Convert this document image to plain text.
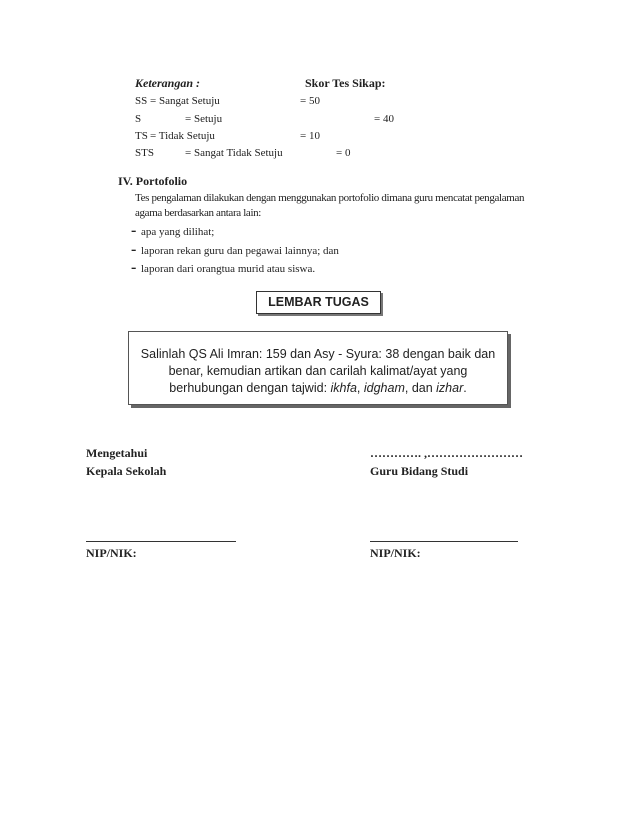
Keterangan :	Skor Tes Sikap:
SS = Sangat Setuju	= 50
S	= Setuju	= 40
TS = Tidak Setuju	= 10
STS	= Sangat Tidak Setuju	= 0
IV. Portofolio
Tes pengalaman dilakukan dengan menggunakan portofolio dimana guru mencatat pengalaman
agama berdasarkan antara lain:
- apa yang dilihat;
- laporan rekan guru dan pegawai lainnya; dan
- laporan dari orangtua murid atau siswa.
LEMBAR TUGAS
Salinlah QS Ali Imran: 159 dan Asy - Syura: 38 dengan baik dan
benar, kemudian artikan dan carilah kalimat/ayat yang
berhubungan dengan tajwid: ikhfa, idgham, dan izhar.
Mengetahui
Kepala Sekolah
…………. ,……………………
Guru Bidang Studi
NIP/NIK:	NIP/NIK:
